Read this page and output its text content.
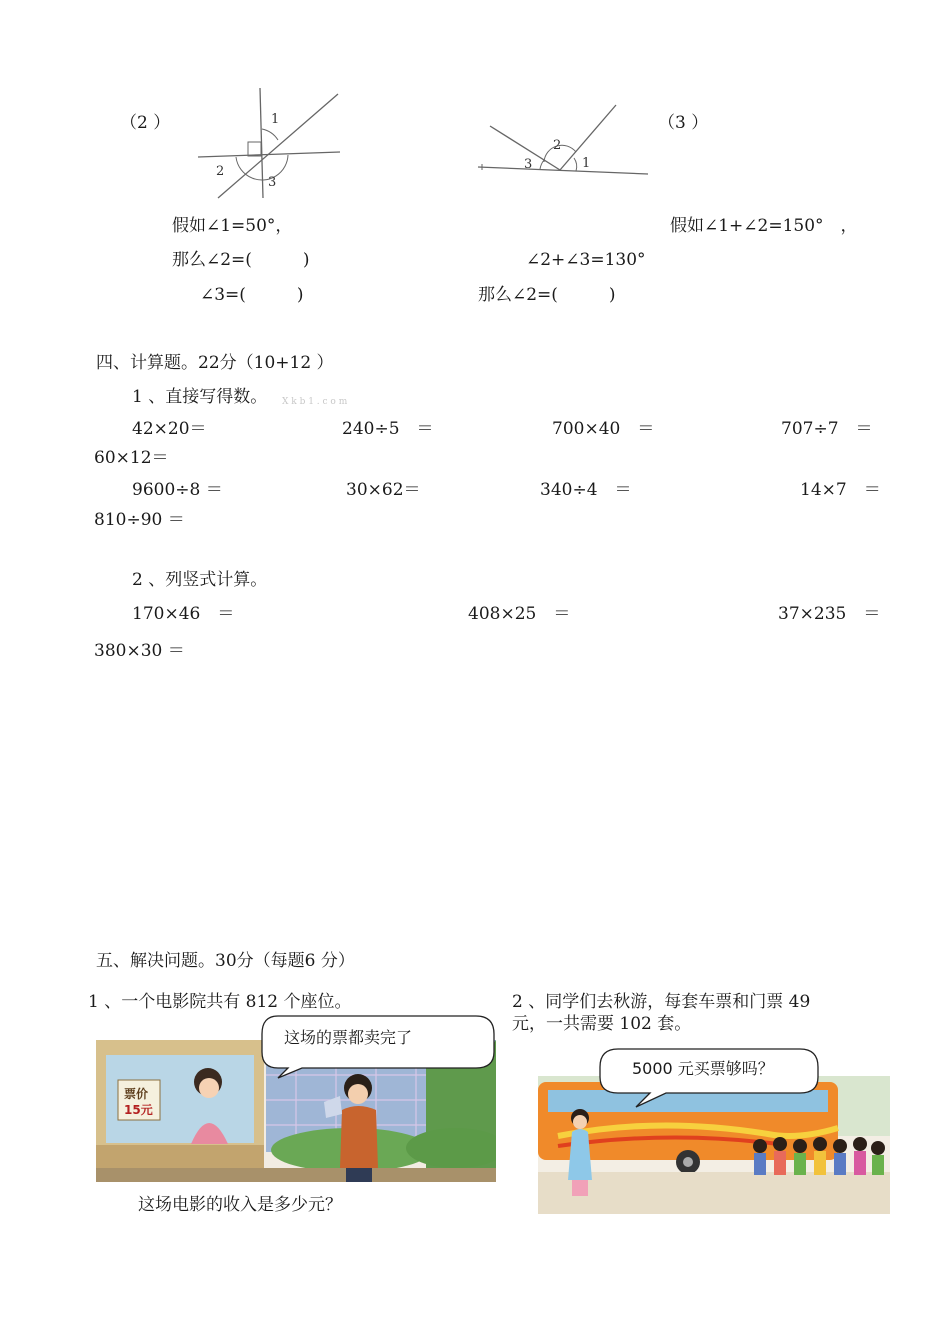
（2 ）	1
2
3
2
3	1
（3 ）
假如∠1=50°，
那么∠2=(　　　)
∠3=(　　　)
假如∠1+∠2=150°　，
∠2+∠3=130°
那么∠2=(　　　)
四、计算题。22分（10+12 ）
1 、直接写得数。 X k b 1 . c o m
42×20＝	240÷5　＝	700×40　＝	707÷7　＝
60×12＝
9600÷8 ＝	30×62＝	340÷4　＝	14×7　＝
810÷90 ＝
2 、列竖式计算。
170×46　＝	408×25　＝	37×235　＝
380×30 ＝
五、解决问题。30分（每题6 分）
1 、一个电影院共有 812 个座位。	2 、同学们去秋游，每套车票和门票 49
元，一共需要 102 套。
票价
15元
这场的票都卖完了
这场电影的收入是多少元？
5000 元买票够吗？
